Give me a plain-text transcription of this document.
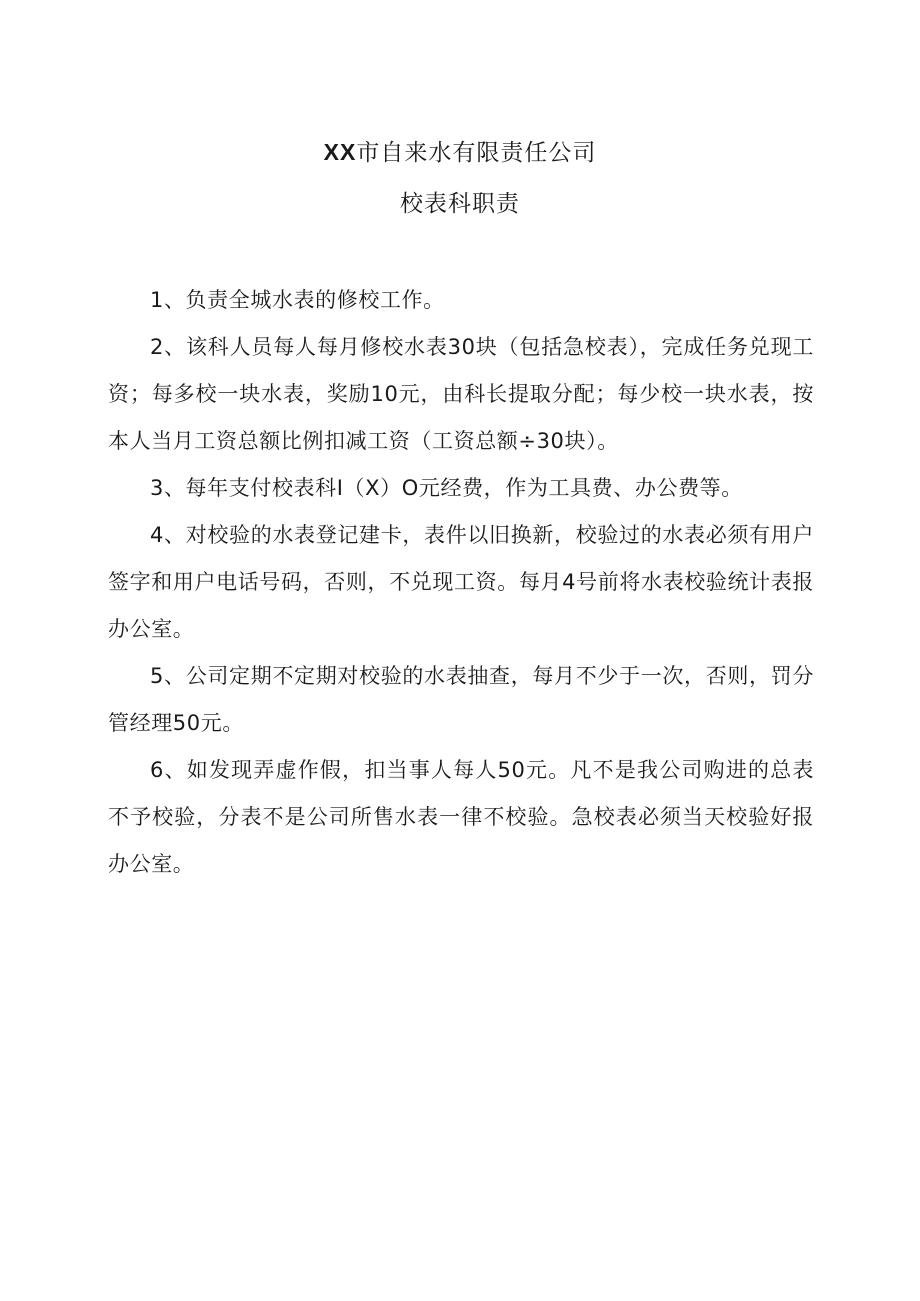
XX市自来水有限责任公司
校表科职责

1、负责全城水表的修校工作。

2、该科人员每人每月修校水表30块（包括急校表），完成任务兑现工资；每多校一块水表，奖励10元，由科长提取分配；每少校一块水表，按本人当月工资总额比例扣减工资（工资总额÷30块）。

3、每年支付校表科I（X）O元经费，作为工具费、办公费等。

4、对校验的水表登记建卡，表件以旧换新，校验过的水表必须有用户签字和用户电话号码，否则，不兑现工资。每月4号前将水表校验统计表报办公室。

5、公司定期不定期对校验的水表抽查，每月不少于一次，否则，罚分管经理50元。

6、如发现弄虚作假，扣当事人每人50元。凡不是我公司购进的总表不予校验，分表不是公司所售水表一律不校验。急校表必须当天校验好报办公室。
